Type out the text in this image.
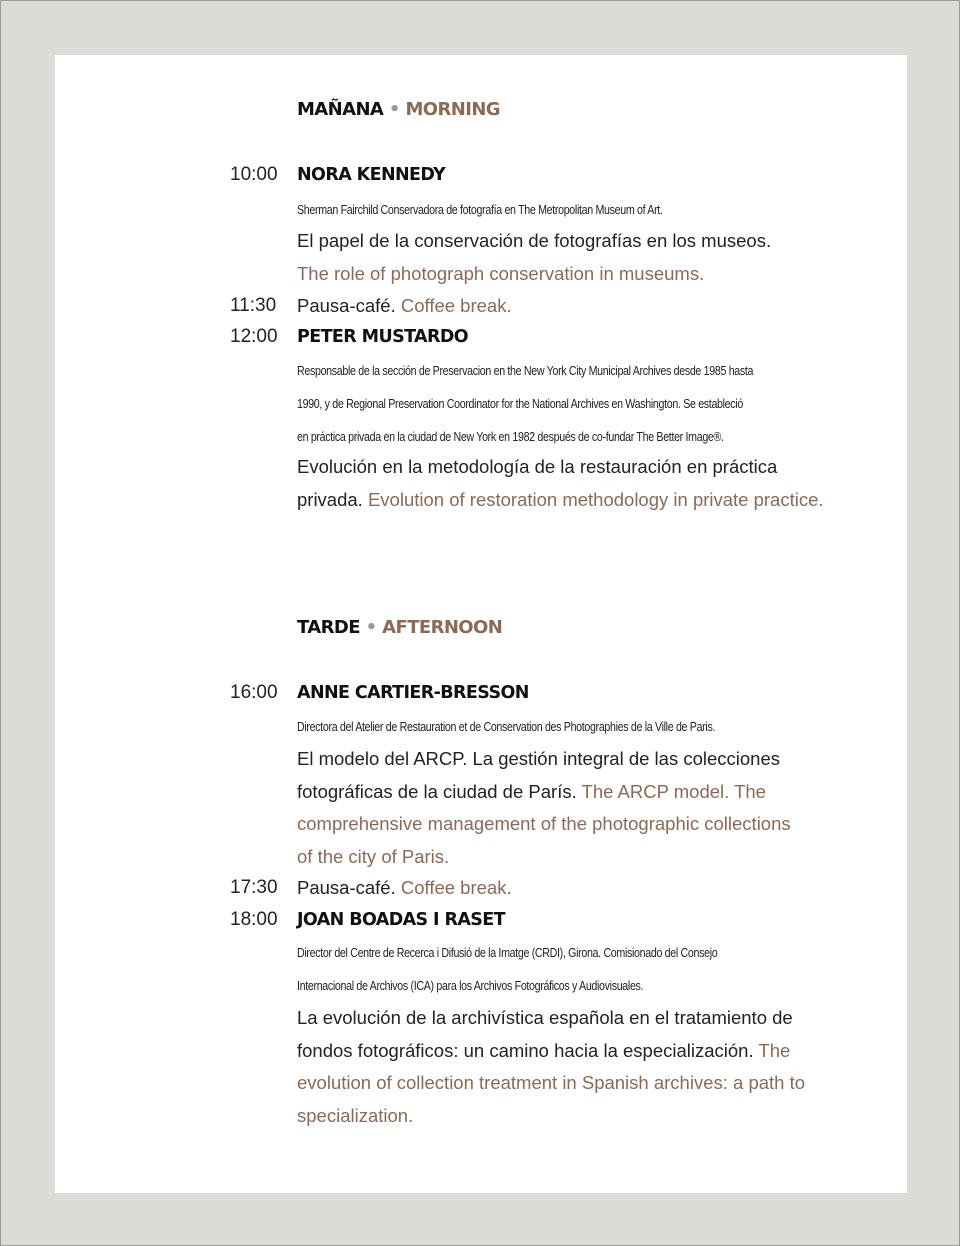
MAÑANA • MORNING
10:00 NORA KENNEDY
Sherman Fairchild Conservadora de fotografía en The Metropolitan Museum of Art.
El papel de la conservación de fotografías en los museos.
The role of photograph conservation in museums.
11:30 Pausa-café. Coffee break.
12:00 PETER MUSTARDO
Responsable de la sección de Preservacion en the New York City Municipal Archives desde 1985 hasta
1990, y de Regional Preservation Coordinator for the National Archives en Washington. Se estableció
en práctica privada en la ciudad de New York en 1982 después de co-fundar The Better Image®.
Evolución en la metodología de la restauración en práctica privada. Evolution of restoration methodology in private practice.
TARDE • AFTERNOON
16:00 ANNE CARTIER-BRESSON
Directora del Atelier de Restauration et de Conservation des Photographies de la Ville de Paris.
El modelo del ARCP. La gestión integral de las colecciones fotográficas de la ciudad de París. The ARCP model. The comprehensive management of the photographic collections of the city of Paris.
17:30 Pausa-café. Coffee break.
18:00 JOAN BOADAS I RASET
Director del Centre de Recerca i Difusió de la Imatge (CRDI), Girona. Comisionado del Consejo
Internacional de Archivos (ICA) para los Archivos Fotográficos y Audiovisuales.
La evolución de la archivística española en el tratamiento de fondos fotográficos: un camino hacia la especialización. The evolution of collection treatment in Spanish archives: a path to specialization.
